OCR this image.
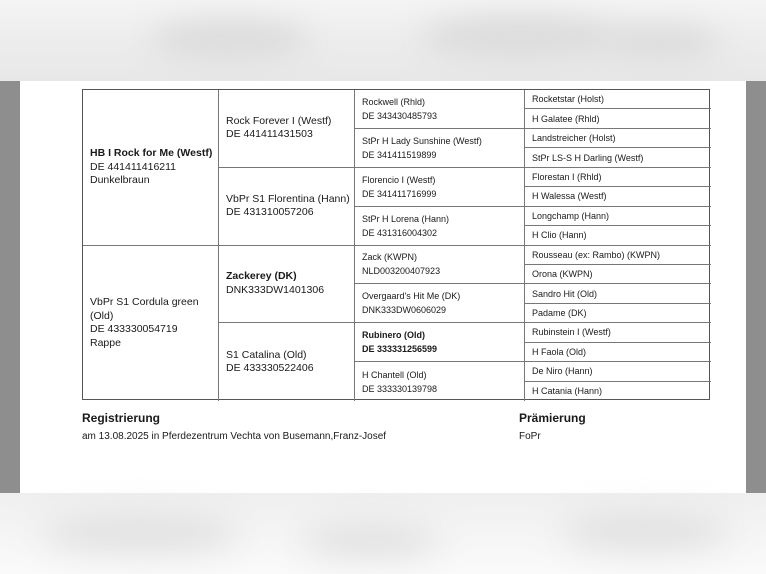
HB I Rock for Me (Westf)
DE 441411416211
Dunkelbraun
VbPr S1 Cordula green (Old)
DE 433330054719
Rappe
Rock Forever I (Westf)
DE 441411431503
VbPr S1 Florentina (Hann)
DE 431310057206
Zackerey (DK)
DNK333DW1401306
S1 Catalina (Old)
DE 433330522406
Rockwell (Rhld)
DE 343430485793
StPr H Lady Sunshine (Westf)
DE 341411519899
Florencio I (Westf)
DE 341411716999
StPr H Lorena (Hann)
DE 431316004302
Zack (KWPN)
NLD003200407923
Overgaard's Hit Me (DK)
DNK333DW0606029
Rubinero (Old)
DE 333331256599
H Chantell (Old)
DE 333330139798
Rocketstar (Holst)
H Galatee (Rhld)
Landstreicher (Holst)
StPr LS-S H Darling (Westf)
Florestan I (Rhld)
H Walessa (Westf)
Longchamp (Hann)
H Clio (Hann)
Rousseau (ex: Rambo) (KWPN)
Orona (KWPN)
Sandro Hit (Old)
Padame (DK)
Rubinstein I (Westf)
H Faola (Old)
De Niro (Hann)
H Catania (Hann)
Registrierung
am 13.08.2025 in Pferdezentrum Vechta von Busemann,Franz-Josef
Prämierung
FoPr
